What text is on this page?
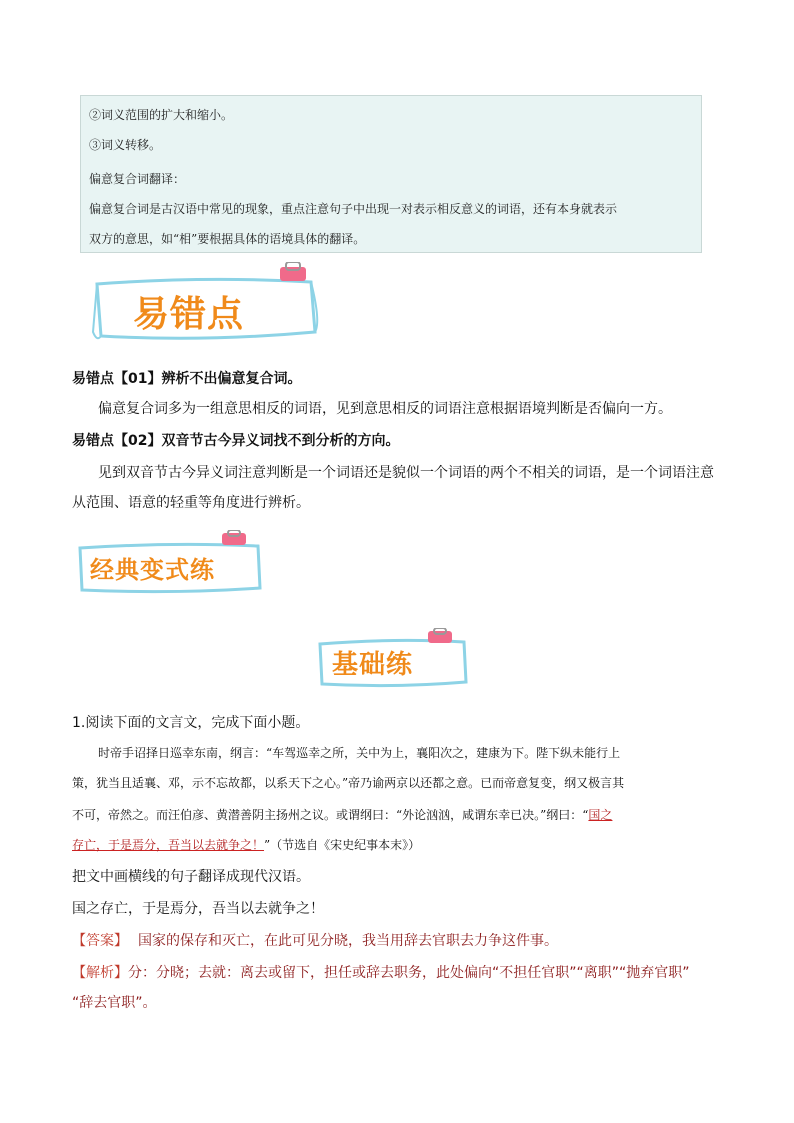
②词义范围的扩大和缩小。
③词义转移。
偏意复合词翻译：
偏意复合词是古汉语中常见的现象，重点注意句子中出现一对表示相反意义的词语，还有本身就表示
双方的意思，如“相”要根据具体的语境具体的翻译。
易错点
易错点【01】辨析不出偏意复合词。
偏意复合词多为一组意思相反的词语，见到意思相反的词语注意根据语境判断是否偏向一方。
易错点【02】双音节古今异义词找不到分析的方向。
见到双音节古今异义词注意判断是一个词语还是貌似一个词语的两个不相关的词语，是一个词语注意
从范围、语意的轻重等角度进行辨析。
经典变式练
基础练
1.阅读下面的文言文，完成下面小题。
时帝手诏择日巡幸东南，纲言：“车驾巡幸之所，关中为上，襄阳次之，建康为下。陛下纵未能行上
策，犹当且适襄、邓，示不忘故都，以系天下之心。”帝乃谕两京以还都之意。已而帝意复变，纲又极言其
不可，帝然之。而汪伯彦、黄潜善阴主扬州之议。或谓纲曰：“外论汹汹，咸谓东幸已决。”纲曰：“国之
存亡，于是焉分，吾当以去就争之！”（节选自《宋史纪事本末》）
把文中画横线的句子翻译成现代汉语。
国之存亡，于是焉分，吾当以去就争之！
【答案】 国家的保存和灭亡，在此可见分晓，我当用辞去官职去力争这件事。
【解析】分：分晓；去就：离去或留下，担任或辞去职务，此处偏向“不担任官职”“离职”“抛弃官职”
“辞去官职”。
